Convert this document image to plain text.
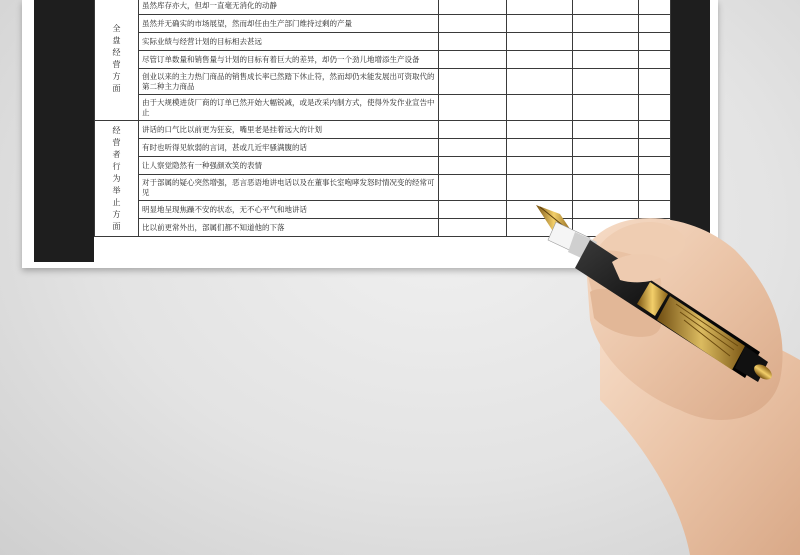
全盘经营方面	虽然库存亦大，但却一直毫无消化的动静				
	虽然并无确实的市场展望，然而却任由生产部门维持过剩的产量				
	实际业绩与经营计划的目标相去甚远				
	尽管订单数量和销售量与计划的目标有着巨大的差异，却仍一个劲儿地增添生产设备				
	创业以来的主力热门商品的销售成长率已然踏下休止符，然而却仍未能发展出可资取代的第二种主力商品				
	由于大规模进货厂商的订单已然开始大幅锐减，或是改采内制方式，使得外发作业宣告中止				
经营者行为举止方面	讲话的口气比以前更为狂妄，嘴里老是挂着远大的计划				
	有时也听得见软弱的言词，甚或几近牢骚满腹的话				
	让人察觉隐然有一种强颜欢笑的表情				
	对于部属的疑心突然增强，恶言恶语地讲电话以及在董事长室咆哮发怒时情况变的经常可见				
	明显地呈现焦躁不安的状态，无不心平气和地讲话				
	比以前更常外出，部属们都不知道他的下落				
